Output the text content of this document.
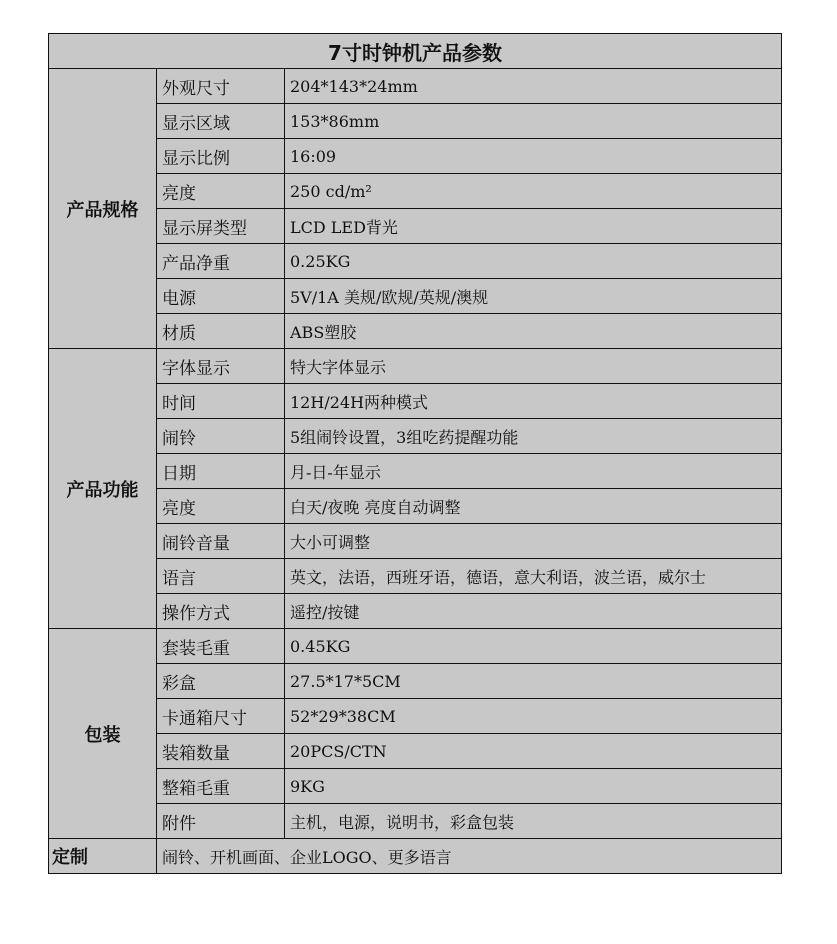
7寸时钟机产品参数		
产品规格	外观尺寸	204*143*24mm
	显示区域	153*86mm
	显示比例	16:09
	亮度	250 cd/m²
	显示屏类型	LCD LED背光
	产品净重	0.25KG
	电源	5V/1A 美规/欧规/英规/澳规
	材质	ABS塑胶
产品功能	字体显示	特大字体显示
	时间	12H/24H两种模式
	闹铃	5组闹铃设置，3组吃药提醒功能
	日期	月-日-年显示
	亮度	白天/夜晚 亮度自动调整
	闹铃音量	大小可调整
	语言	英文，法语，西班牙语，德语，意大利语，波兰语，威尔士
	操作方式	遥控/按键
包装	套装毛重	0.45KG
	彩盒	27.5*17*5CM
	卡通箱尺寸	52*29*38CM
	装箱数量	20PCS/CTN
	整箱毛重	9KG
	附件	主机，电源，说明书，彩盒包装
定制	闹铃、开机画面、企业LOGO、更多语言	
